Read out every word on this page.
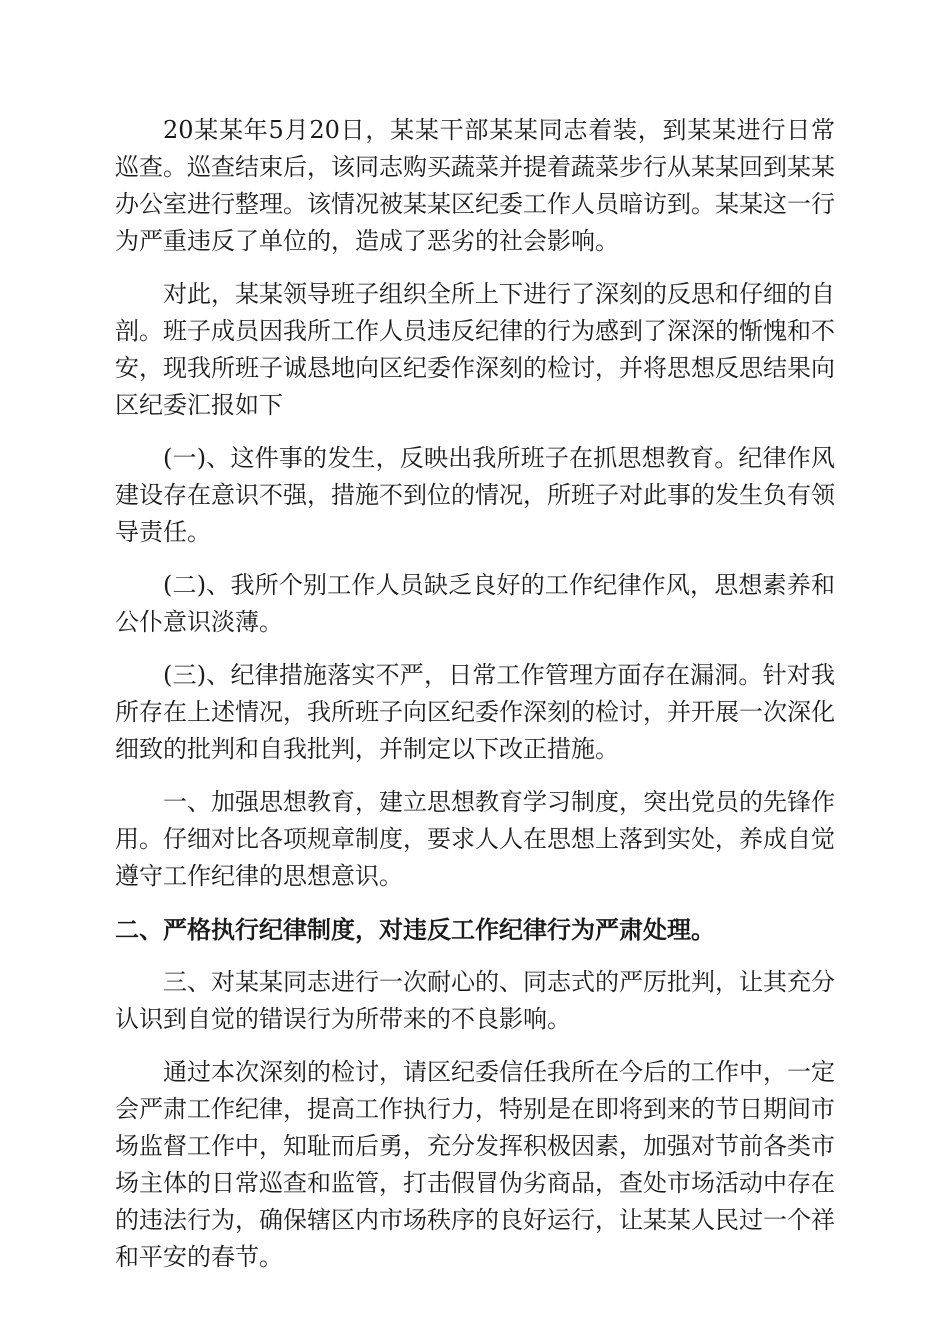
20某某年5月20日，某某干部某某同志着装，到某某进行日常巡查。巡查结束后，该同志购买蔬菜并提着蔬菜步行从某某回到某某办公室进行整理。该情况被某某区纪委工作人员暗访到。某某这一行为严重违反了单位的，造成了恶劣的社会影响。

对此，某某领导班子组织全所上下进行了深刻的反思和仔细的自剖。班子成员因我所工作人员违反纪律的行为感到了深深的惭愧和不安，现我所班子诚恳地向区纪委作深刻的检讨，并将思想反思结果向区纪委汇报如下

(一)、这件事的发生，反映出我所班子在抓思想教育。纪律作风建设存在意识不强，措施不到位的情况，所班子对此事的发生负有领导责任。

(二)、我所个别工作人员缺乏良好的工作纪律作风，思想素养和公仆意识淡薄。

(三)、纪律措施落实不严，日常工作管理方面存在漏洞。针对我所存在上述情况，我所班子向区纪委作深刻的检讨，并开展一次深化细致的批判和自我批判，并制定以下改正措施。

一、加强思想教育，建立思想教育学习制度，突出党员的先锋作用。仔细对比各项规章制度，要求人人在思想上落到实处，养成自觉遵守工作纪律的思想意识。

二、严格执行纪律制度，对违反工作纪律行为严肃处理。

三、对某某同志进行一次耐心的、同志式的严厉批判，让其充分认识到自觉的错误行为所带来的不良影响。

通过本次深刻的检讨，请区纪委信任我所在今后的工作中，一定会严肃工作纪律，提高工作执行力，特别是在即将到来的节日期间市场监督工作中，知耻而后勇，充分发挥积极因素，加强对节前各类市场主体的日常巡查和监管，打击假冒伪劣商品，查处市场活动中存在的违法行为，确保辖区内市场秩序的良好运行，让某某人民过一个祥和平安的春节。
